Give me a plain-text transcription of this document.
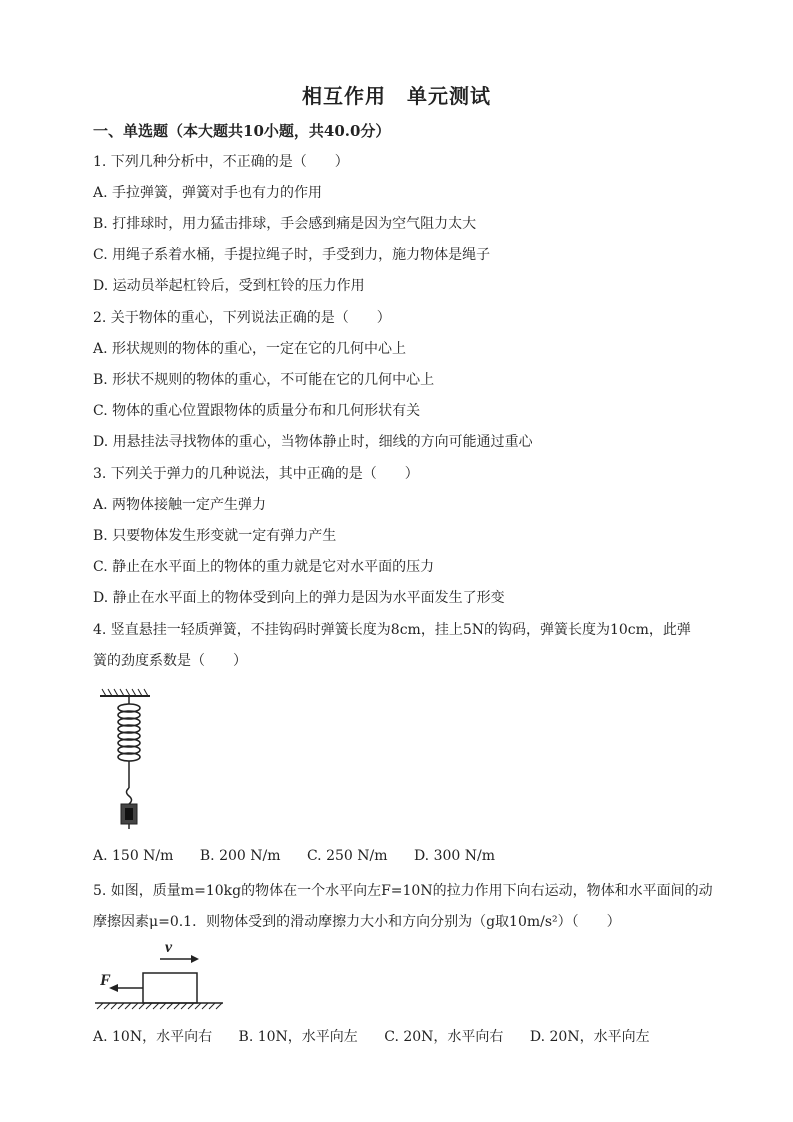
相互作用　单元测试
一、单选题（本大题共10小题，共40.0分）
1. 下列几种分析中，不正确的是（　　）
A. 手拉弹簧，弹簧对手也有力的作用
B. 打排球时，用力猛击排球，手会感到痛是因为空气阻力太大
C. 用绳子系着水桶，手提拉绳子时，手受到力，施力物体是绳子
D. 运动员举起杠铃后，受到杠铃的压力作用
2. 关于物体的重心，下列说法正确的是（　　）
A. 形状规则的物体的重心，一定在它的几何中心上
B. 形状不规则的物体的重心，不可能在它的几何中心上
C. 物体的重心位置跟物体的质量分布和几何形状有关
D. 用悬挂法寻找物体的重心，当物体静止时，细线的方向可能通过重心
3. 下列关于弹力的几种说法，其中正确的是（　　）
A. 两物体接触一定产生弹力
B. 只要物体发生形变就一定有弹力产生
C. 静止在水平面上的物体的重力就是它对水平面的压力
D. 静止在水平面上的物体受到向上的弹力是因为水平面发生了形变
4. 竖直悬挂一轻质弹簧，不挂钩码时弹簧长度为8cm，挂上5N的钩码，弹簧长度为10cm，此弹
簧的劲度系数是（　　）
A. 150 N/m B. 200 N/m C. 250 N/m D. 300 N/m
5. 如图，质量m=10kg的物体在一个水平向左F=10N的拉力作用下向右运动，物体和水平面间的动
摩擦因素μ=0.1．则物体受到的滑动摩擦力大小和方向分别为（g取10m/s²）（　　）
v
F
A. 10N，水平向右 B. 10N，水平向左 C. 20N，水平向右 D. 20N，水平向左
